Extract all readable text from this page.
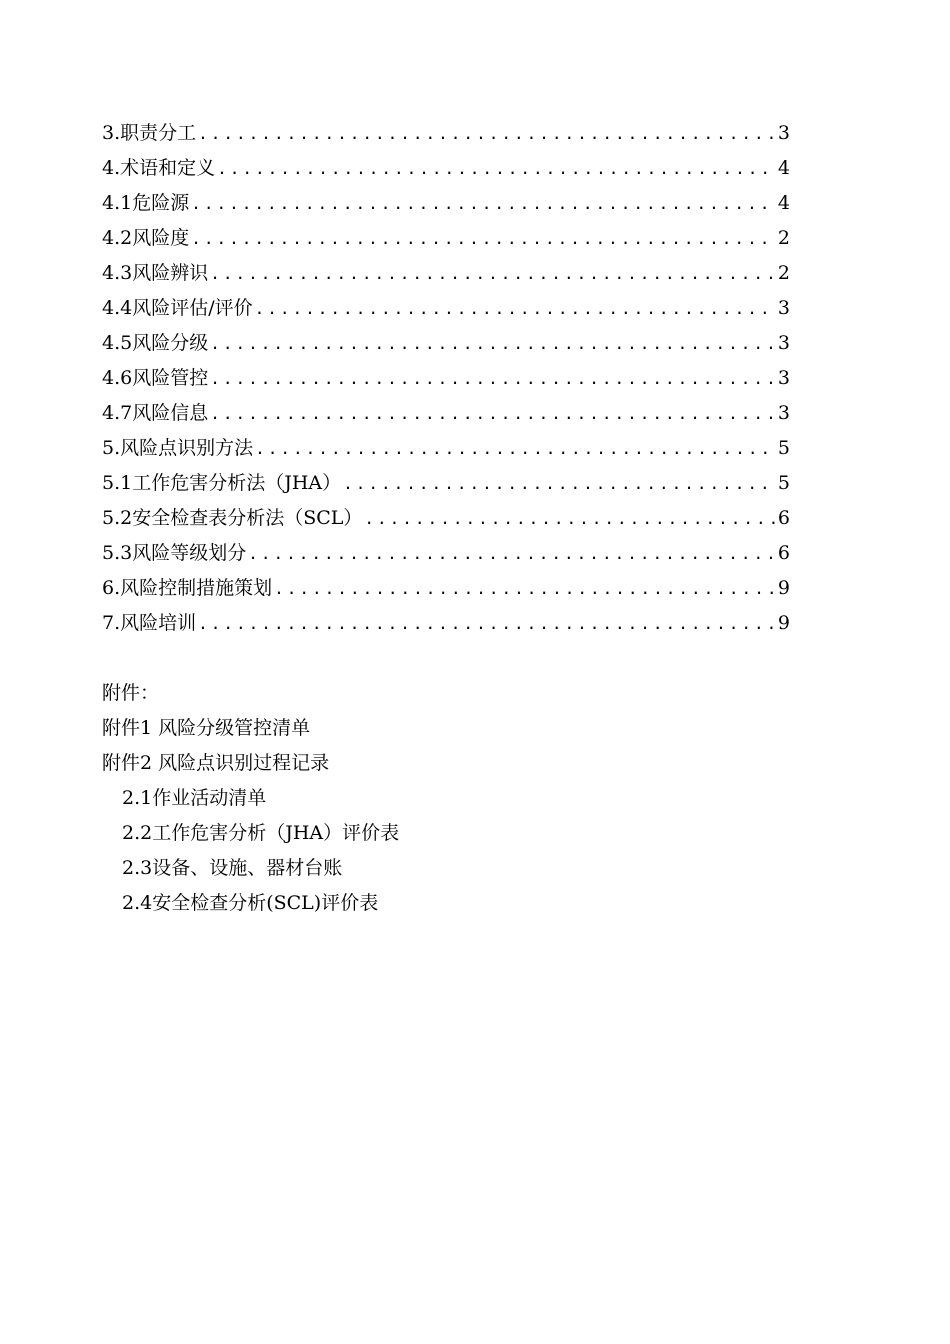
3.职责分工 .....	3
4.术语和定义 .....	4
4.1危险源 .....	4
4.2风险度 .....	2
4.3风险辨识 .....	2
4.4风险评估/评价 .....	3
4.5风险分级 .....	3
4.6风险管控 .....	3
4.7风险信息 .....	3
5.风险点识别方法 .....	5
5.1工作危害分析法（JHA） .....	5
5.2安全检查表分析法（SCL） .....	6
5.3风险等级划分 .....	6
6.风险控制措施策划 .....	9
7.风险培训 .....	9
附件：
附件1 风险分级管控清单
附件2 风险点识别过程记录
2.1作业活动清单
2.2工作危害分析（JHA）评价表
2.3设备、设施、器材台账
2.4安全检查分析(SCL)评价表
